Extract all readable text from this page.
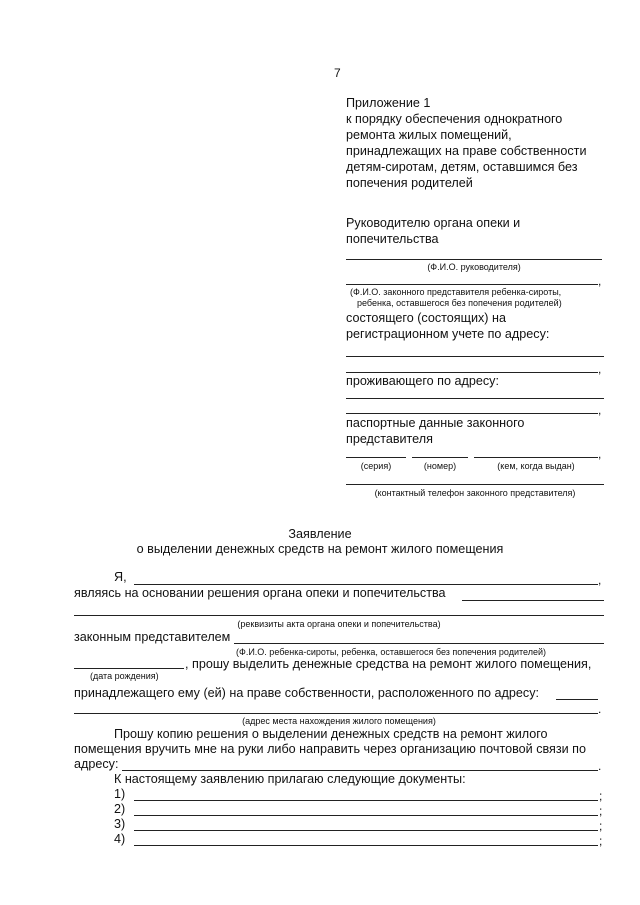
7
Приложение 1
к порядку обеспечения однократного
ремонта жилых помещений,
принадлежащих на праве собственности
детям-сиротам, детям, оставшимся без
попечения родителей
Руководителю органа опеки и
попечительства
(Ф.И.О. руководителя)
,
(Ф.И.О. законного представителя ребенка-сироты,
ребенка, оставшегося без попечения родителей)
состоящего (состоящих) на
регистрационном учете по адресу:
,
проживающего по адресу:
,
паспортные данные законного
представителя
,
(серия)	(номер)	(кем, когда выдан)
(контактный телефон законного представителя)
Заявление
о выделении денежных средств на ремонт жилого помещения
Я,	,
являясь на основании решения органа опеки и попечительства
(реквизиты акта органа опеки и попечительства)
законным представителем
(Ф.И.О. ребенка-сироты, ребенка, оставшегося без попечения родителей)
, прошу выделить денежные средства на ремонт жилого помещения,
(дата рождения)
принадлежащего ему (ей) на праве собственности, расположенного по адресу:
.
(адрес места нахождения жилого помещения)
Прошу копию решения о выделении денежных средств на ремонт жилого
помещения вручить мне на руки либо направить через организацию почтовой связи по
адресу:	.
К настоящему заявлению прилагаю следующие документы:
1)	;
2)	;
3)	;
4)	;
